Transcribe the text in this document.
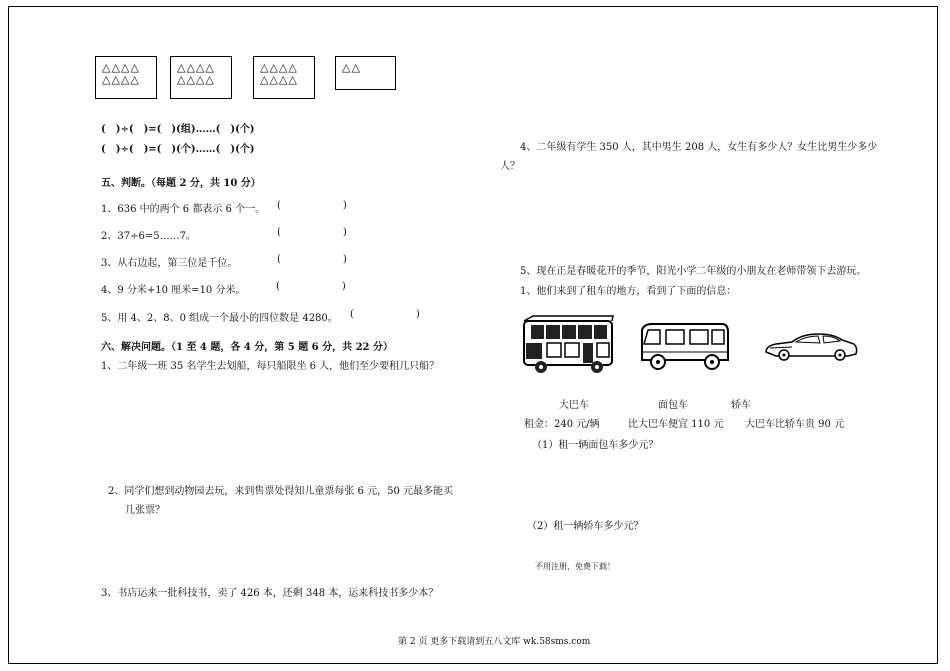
△△△△
△△△△
△△△△
△△△△
△△△△
△△△△
△△
(　)÷(　)=(　)(组)……(　)(个)
(　)÷(　)=(　)(个)……(　)(个)
五、判断。（每题 2 分，共 10 分）
1、636 中的两个 6 都表示 6 个一。 (	)
2、37÷6=5……7。	(	)
3、从右边起，第三位是千位。	(	)
4、9 分米+10 厘米=10 分米。	(	)
5、用 4、2、8、0 组成一个最小的四位数是 4280。 (	)
六、解决问题。（1 至 4 题，各 4 分，第 5 题 6 分，共 22 分）
1、二年级一班 35 名学生去划船，每只船限坐 6 人，他们至少要租几只船？
2、同学们想到动物园去玩，来到售票处得知儿童票每张 6 元，50 元最多能买
几张票？
3、书店运来一批科技书，卖了 426 本，还剩 348 本，运来科技书多少本？
4、二年级有学生 350 人，其中男生 208 人，女生有多少人？女生比男生少多少
人？
5、现在正是春暖花开的季节，阳光小学二年级的小朋友在老师带领下去游玩。
1、他们来到了租车的地方，看到了下面的信息：
大巴车	面包车	轿车
租金：240 元/辆	比大巴车便宜 110 元 大巴车比轿车贵 90 元
（1）租一辆面包车多少元？
（2）租一辆轿车多少元？
不用注册，免费下载！
第 2 页 更多下载请到五八文库 wk.58sms.com
